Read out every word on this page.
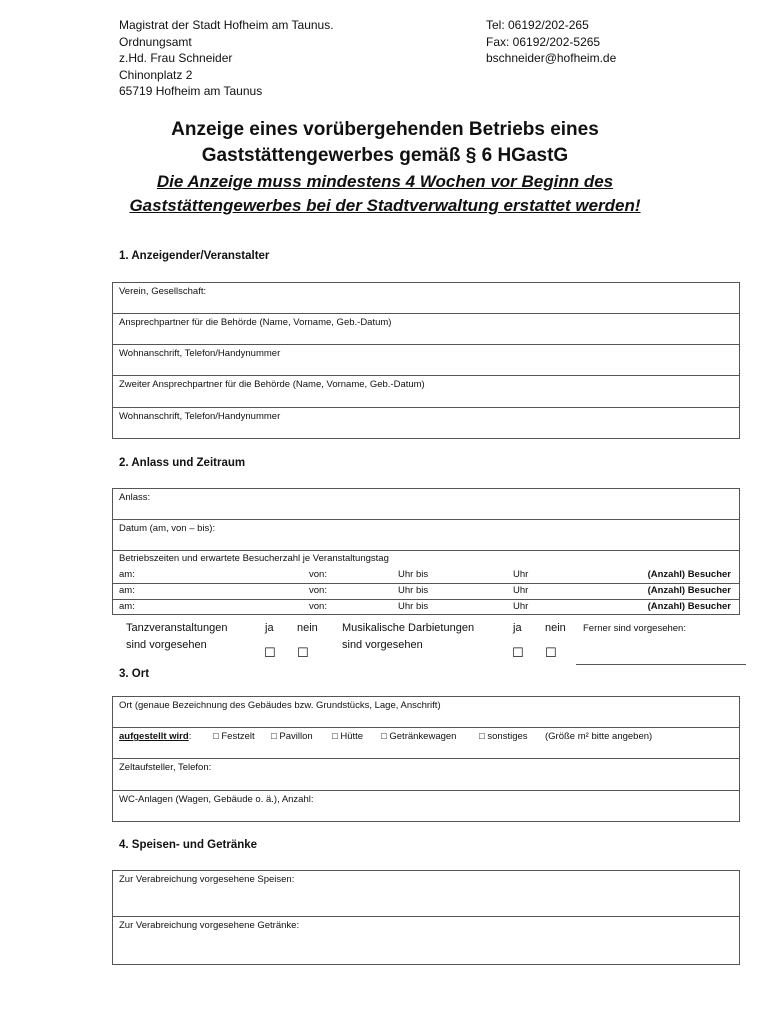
Magistrat der Stadt Hofheim am Taunus.
Ordnungsamt
z.Hd. Frau Schneider
Chinonplatz 2
65719 Hofheim am Taunus
Tel: 06192/202-265
Fax: 06192/202-5265
bschneider@hofheim.de
Anzeige eines vorübergehenden Betriebs eines
Gaststättengewerbes gemäß § 6 HGastG
Die Anzeige muss mindestens 4 Wochen vor Beginn des
Gaststättengewerbes bei der Stadtverwaltung erstattet werden!
1. Anzeigender/Veranstalter
Verein, Gesellschaft:
Ansprechpartner für die Behörde (Name, Vorname, Geb.-Datum)
Wohnanschrift, Telefon/Handynummer
Zweiter Ansprechpartner für die Behörde (Name, Vorname, Geb.-Datum)
Wohnanschrift, Telefon/Handynummer
2. Anlass und Zeitraum
Anlass:
Datum (am, von – bis):
Betriebszeiten und erwartete Besucherzahl je Veranstaltungstag
am:	von:	Uhr bis	Uhr	(Anzahl) Besucher
am:	von:	Uhr bis	Uhr	(Anzahl) Besucher
am:	von:	Uhr bis	Uhr	(Anzahl) Besucher
Tanzveranstaltungen
sind vorgesehen
ja nein
☐ ☐
Musikalische Darbietungen
sind vorgesehen
ja nein
☐ ☐
Ferner sind vorgesehen:
3. Ort
Ort (genaue Bezeichnung des Gebäudes bzw. Grundstücks, Lage, Anschrift)
aufgestellt wird: □ Festzelt □ Pavillon □ Hütte □ Getränkewagen □ sonstiges (Größe m² bitte angeben)
Zeltaufsteller, Telefon:
WC-Anlagen (Wagen, Gebäude o. ä.), Anzahl:
4. Speisen- und Getränke
Zur Verabreichung vorgesehene Speisen:
Zur Verabreichung vorgesehene Getränke:
